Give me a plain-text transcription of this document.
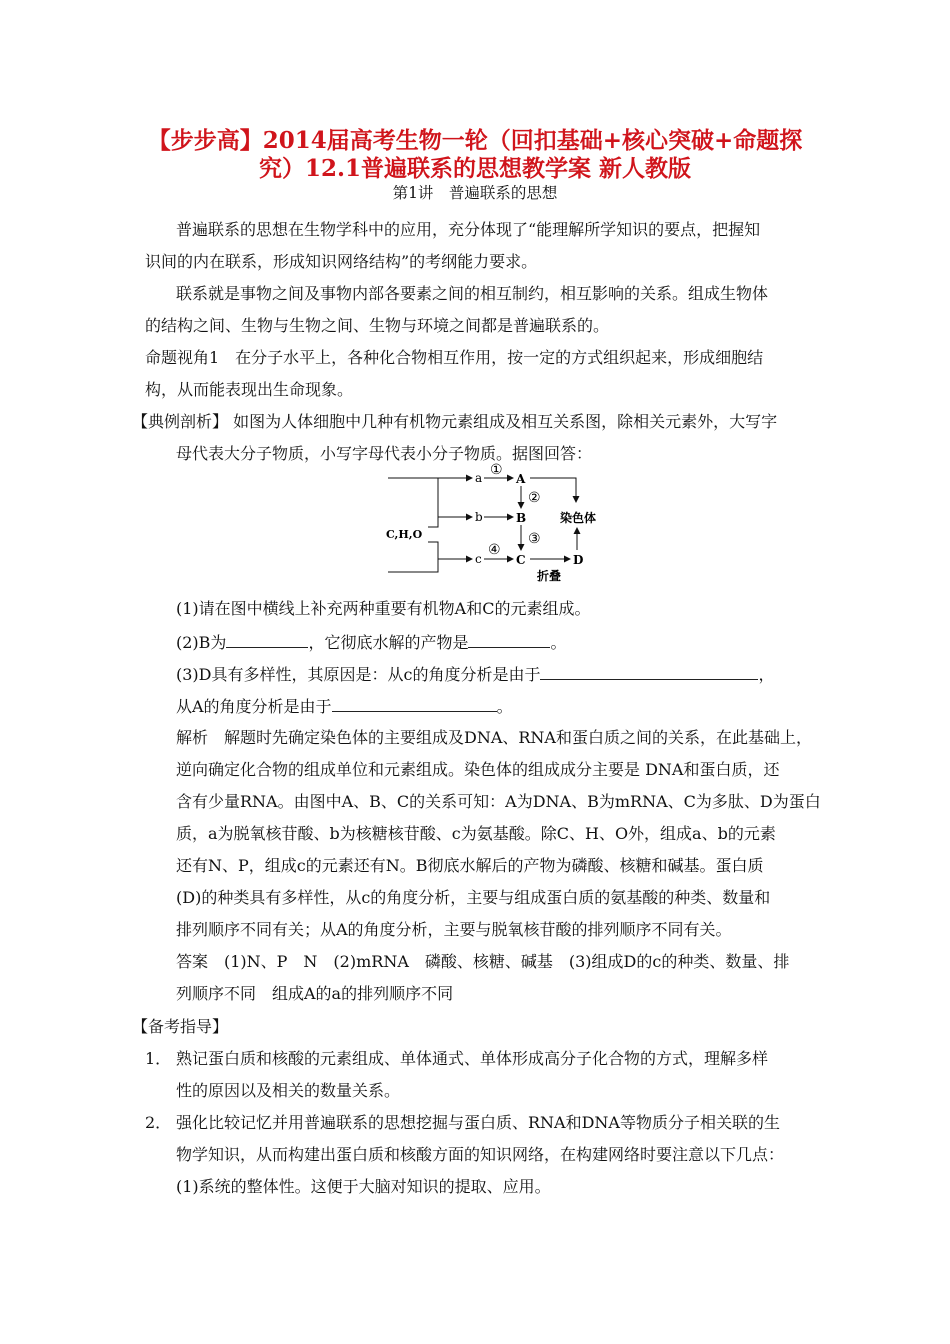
【步步高】2014届高考生物一轮（回扣基础+核心突破+命题探
究）12.1普遍联系的思想教学案 新人教版
第1讲　普遍联系的思想
普遍联系的思想在生物学科中的应用，充分体现了“能理解所学知识的要点，把握知
识间的内在联系，形成知识网络结构”的考纲能力要求。
联系就是事物之间及事物内部各要素之间的相互制约，相互影响的关系。组成生物体
的结构之间、生物与生物之间、生物与环境之间都是普遍联系的。
命题视角1　在分子水平上，各种化合物相互作用，按一定的方式组织起来，形成细胞结
构，从而能表现出生命现象。
【典例剖析】 如图为人体细胞中几种有机物元素组成及相互关系图，除相关元素外，大写字
母代表大分子物质，小写字母代表小分子物质。据图回答：
C,H,O
a
b
c
①
④
A
B
C
②
③
染色体
D
折叠
(1)请在图中横线上补充两种重要有机物A和C的元素组成。
(2)B为	，它彻底水解的产物是	。
(3)D具有多样性，其原因是：从c的角度分析是由于	，
从A的角度分析是由于	。
解析　解题时先确定染色体的主要组成及DNA、RNA和蛋白质之间的关系，在此基础上，
逆向确定化合物的组成单位和元素组成。染色体的组成成分主要是 DNA和蛋白质，还
含有少量RNA。由图中A、B、C的关系可知：A为DNA、B为mRNA、C为多肽、D为蛋白
质，a为脱氧核苷酸、b为核糖核苷酸、c为氨基酸。除C、H、O外，组成a、b的元素
还有N、P，组成c的元素还有N。B彻底水解后的产物为磷酸、核糖和碱基。蛋白质
(D)的种类具有多样性，从c的角度分析，主要与组成蛋白质的氨基酸的种类、数量和
排列顺序不同有关；从A的角度分析，主要与脱氧核苷酸的排列顺序不同有关。
答案　(1)N、P　N　(2)mRNA　磷酸、核糖、碱基　(3)组成D的c的种类、数量、排
列顺序不同　组成A的a的排列顺序不同
【备考指导】
1． 熟记蛋白质和核酸的元素组成、单体通式、单体形成高分子化合物的方式，理解多样
性的原因以及相关的数量关系。
2． 强化比较记忆并用普遍联系的思想挖掘与蛋白质、RNA和DNA等物质分子相关联的生
物学知识，从而构建出蛋白质和核酸方面的知识网络，在构建网络时要注意以下几点：
(1)系统的整体性。这便于大脑对知识的提取、应用。
